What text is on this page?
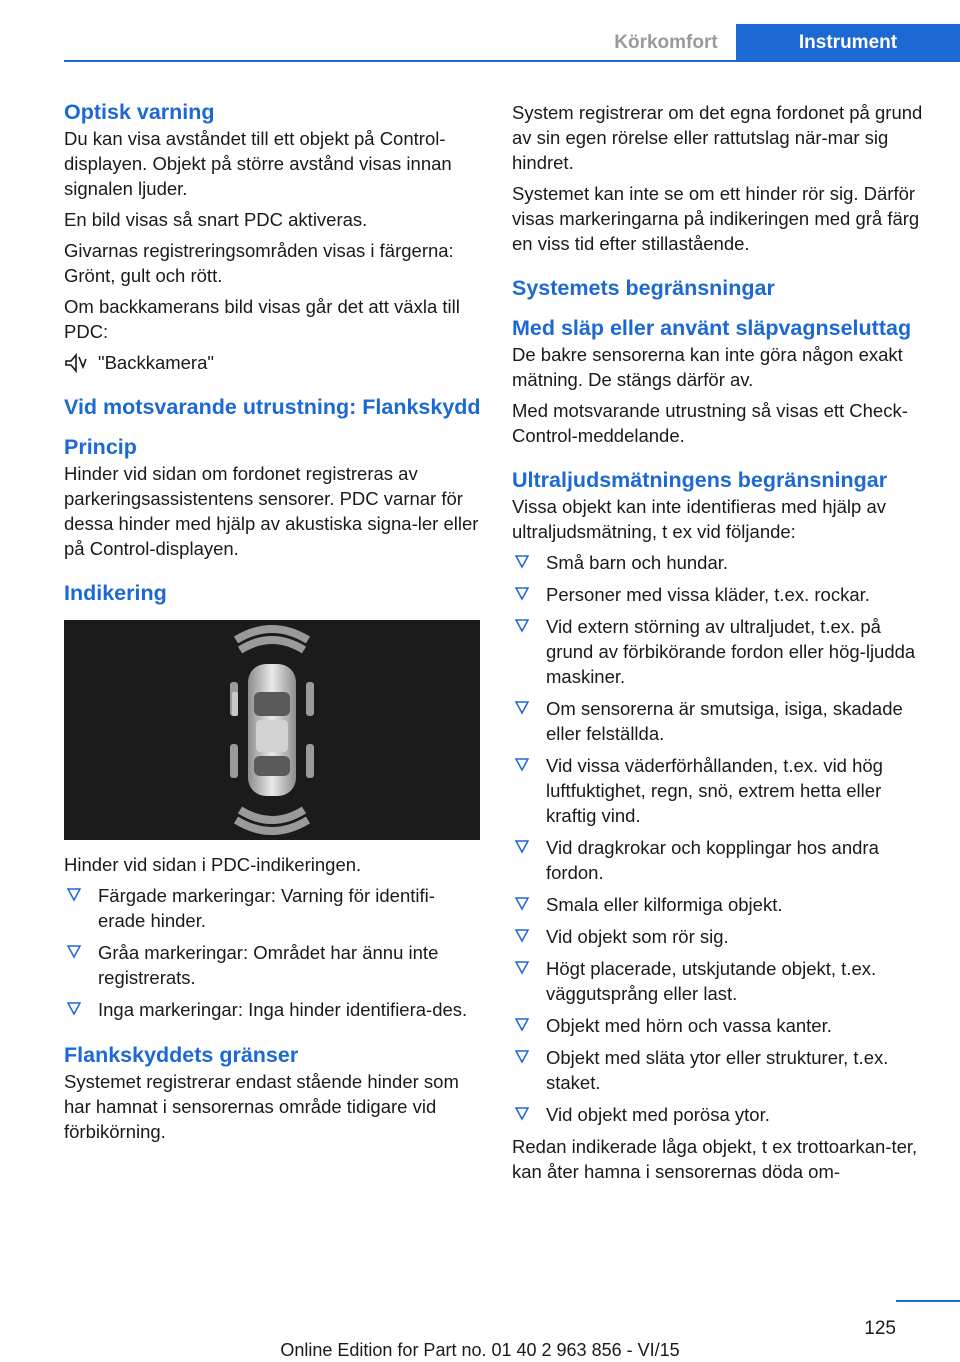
Körkomfort	Instrument
Optisk varning
Du kan visa avståndet till ett objekt på Control-displayen. Objekt på större avstånd visas innan signalen ljuder.
En bild visas så snart PDC aktiveras.
Givarnas registreringsområden visas i färgerna: Grönt, gult och rött.
Om backkamerans bild visas går det att växla till PDC:
"Backkamera"
Vid motsvarande utrustning: Flankskydd
Princip
Hinder vid sidan om fordonet registreras av parkeringsassistentens sensorer. PDC varnar för dessa hinder med hjälp av akustiska signa-ler eller på Control-displayen.
Indikering
Hinder vid sidan i PDC-indikeringen.
Färgade markeringar: Varning för identifi-erade hinder.
Gråa markeringar: Området har ännu inte registrerats.
Inga markeringar: Inga hinder identifiera-des.
Flankskyddets gränser
Systemet registrerar endast stående hinder som har hamnat i sensorernas område tidigare vid förbikörning.
System registrerar om det egna fordonet på grund av sin egen rörelse eller rattutslag när-mar sig hindret.
Systemet kan inte se om ett hinder rör sig. Därför visas markeringarna på indikeringen med grå färg en viss tid efter stillastående.
Systemets begränsningar
Med släp eller använt släpvagnseluttag
De bakre sensorerna kan inte göra någon exakt mätning. De stängs därför av.
Med motsvarande utrustning så visas ett Check-Control-meddelande.
Ultraljudsmätningens begränsningar
Vissa objekt kan inte identifieras med hjälp av ultraljudsmätning, t ex vid följande:
Små barn och hundar.
Personer med vissa kläder, t.ex. rockar.
Vid extern störning av ultraljudet, t.ex. på grund av förbikörande fordon eller hög-ljudda maskiner.
Om sensorerna är smutsiga, isiga, skadade eller felställda.
Vid vissa väderförhållanden, t.ex. vid hög luftfuktighet, regn, snö, extrem hetta eller kraftig vind.
Vid dragkrokar och kopplingar hos andra fordon.
Smala eller kilformiga objekt.
Vid objekt som rör sig.
Högt placerade, utskjutande objekt, t.ex. väggutsprång eller last.
Objekt med hörn och vassa kanter.
Objekt med släta ytor eller strukturer, t.ex. staket.
Vid objekt med porösa ytor.
Redan indikerade låga objekt, t ex trottoarkan-ter, kan åter hamna i sensorernas döda om-
125
Online Edition for Part no. 01 40 2 963 856 - VI/15
